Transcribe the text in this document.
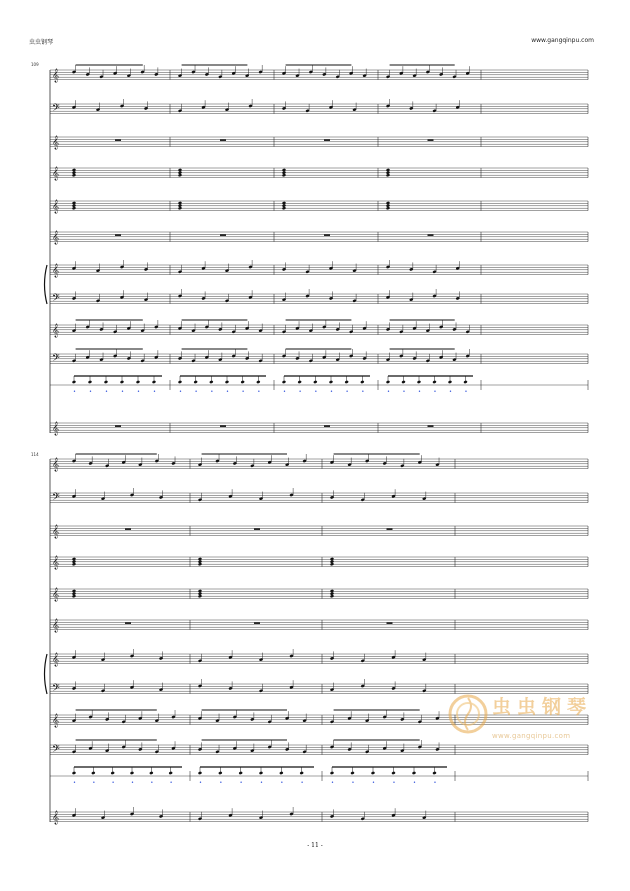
虫虫钢琴	www.gangqinpu.com
𝄞
𝄢
𝄞
𝄞
𝄞
𝄞
𝄞
𝄢
𝄞
𝄢
•	•	•	•	•	•	•	•	•	•	•	•	•	•	•	•	•	•	•	•	•	•	•	•
𝄞
𝄞
𝄢
𝄞
𝄞
𝄞
𝄞
𝄞
𝄢
𝄞
𝄢
•	•	•	•	•	•	•	•	•	•	•	•	•	•	•	•	•	•
𝄞
109
114
虫虫钢琴
www.gangqinpu.com
- 11 -
